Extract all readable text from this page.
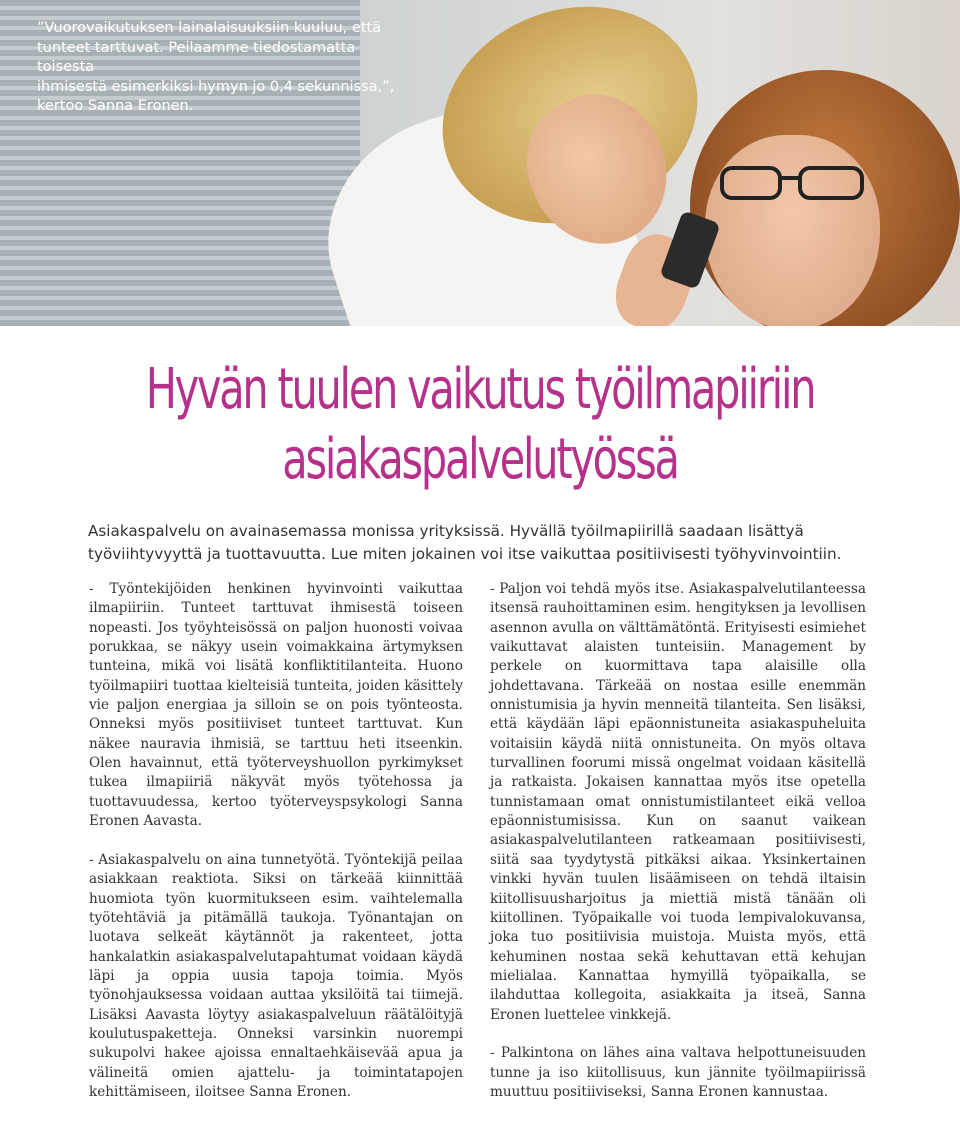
”Vuorovaikutuksen lainalaisuuksiin kuuluu, että
tunteet tarttuvat. Peilaamme tiedostamatta toisesta
ihmisestä esimerkiksi hymyn jo 0,4 sekunnissa,”,
kertoo Sanna Eronen.
Hyvän tuulen vaikutus työilmapiiriin
asiakaspalvelutyössä

Asiakaspalvelu on avainasemassa monissa yrityksissä. Hyvällä työilmapiirillä saadaan lisättyä työviihtyvyyttä ja tuottavuutta. Lue miten jokainen voi itse vaikuttaa positiivisesti työhyvinvointiin.

- Työntekijöiden henkinen hyvinvointi vaikuttaa ilmapiiriin. Tunteet tarttuvat ihmisestä toiseen nopeasti. Jos työyhteisössä on paljon huonosti voivaa porukkaa, se näkyy usein voimakkaina ärtymyksen tunteina, mikä voi lisätä konfliktitilanteita. Huono työilmapiiri tuottaa kielteisiä tunteita, joiden käsittely vie paljon energiaa ja silloin se on pois työnteosta. Onneksi myös positiiviset tunteet tarttuvat. Kun näkee nauravia ihmisiä, se tarttuu heti itseenkin. Olen havainnut, että työterveyshuollon pyrkimykset tukea ilmapiiriä näkyvät myös työtehossa ja tuottavuudessa, kertoo työterveyspsykologi Sanna Eronen Aavasta.

- Asiakaspalvelu on aina tunnetyötä. Työntekijä peilaa asiakkaan reaktiota. Siksi on tärkeää kiinnittää huomiota työn kuormitukseen esim. vaihtelemalla työtehtäviä ja pitämällä taukoja. Työnantajan on luotava selkeät käytännöt ja rakenteet, jotta hankalatkin asiakaspalvelutapahtumat voidaan käydä läpi ja oppia uusia tapoja toimia. Myös työnohjauksessa voidaan auttaa yksilöitä tai tiimejä. Lisäksi Aavasta löytyy asiakaspalveluun räätälöityjä koulutuspaketteja. Onneksi varsinkin nuorempi sukupolvi hakee ajoissa ennaltaehkäisevää apua ja välineitä omien ajattelu- ja toimintatapojen kehittämiseen, iloitsee Sanna Eronen.

- Paljon voi tehdä myös itse. Asiakaspalvelutilanteessa itsensä rauhoittaminen esim. hengityksen ja levollisen asennon avulla on välttämätöntä. Erityisesti esimiehet vaikuttavat alaisten tunteisiin. Management by perkele on kuormittava tapa alaisille olla johdettavana. Tärkeää on nostaa esille enemmän onnistumisia ja hyvin menneitä tilanteita. Sen lisäksi, että käydään läpi epäonnistuneita asiakaspuheluita voitaisiin käydä niitä onnistuneita. On myös oltava turvallinen foorumi missä ongelmat voidaan käsitellä ja ratkaista. Jokaisen kannattaa myös itse opetella tunnistamaan omat onnistumistilanteet eikä velloa epäonnistumisissa. Kun on saanut vaikean asiakaspalvelutilanteen ratkeamaan positiivisesti, siitä saa tyydytystä pitkäksi aikaa. Yksinkertainen vinkki hyvän tuulen lisäämiseen on tehdä iltaisin kiitollisuusharjoitus ja miettiä mistä tänään oli kiitollinen. Työpaikalle voi tuoda lempivalokuvansa, joka tuo positiivisia muistoja. Muista myös, että kehuminen nostaa sekä kehuttavan että kehujan mielialaa. Kannattaa hymyillä työpaikalla, se ilahduttaa kollegoita, asiakkaita ja itseä, Sanna Eronen luettelee vinkkejä.

- Palkintona on lähes aina valtava helpottuneisuuden tunne ja iso kiitollisuus, kun jännite työilmapiirissä muuttuu positiiviseksi, Sanna Eronen kannustaa.
